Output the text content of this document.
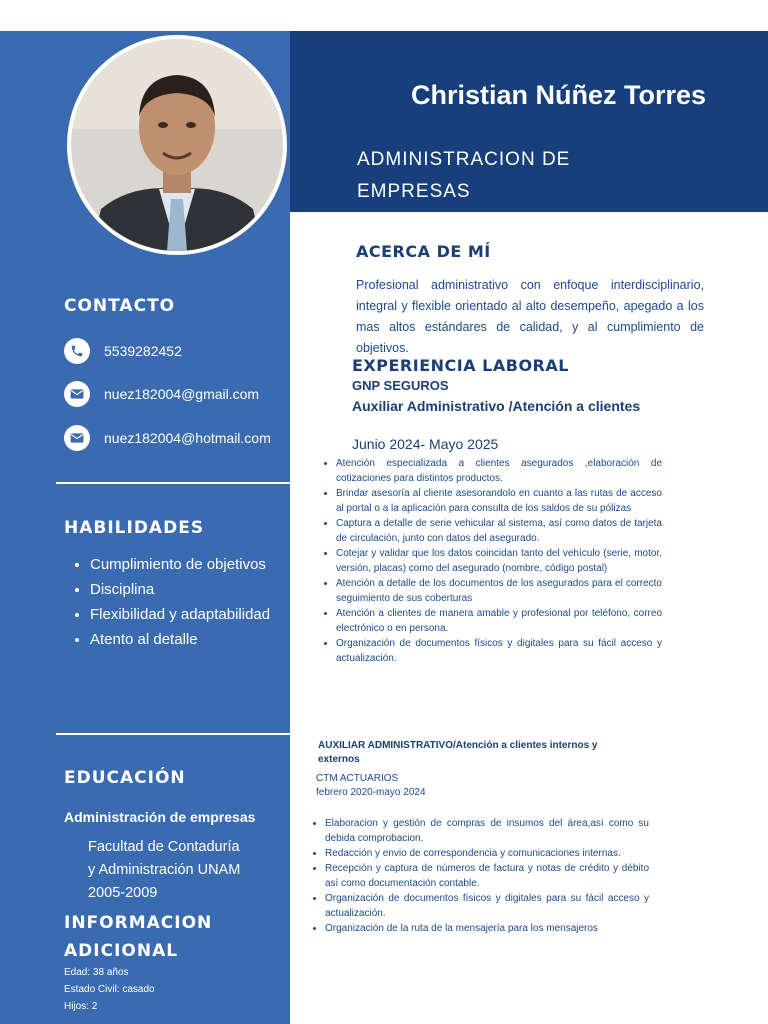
CONTACTO
5539282452
nuez182004@gmail.com
nuez182004@hotmail.com
HABILIDADES
• Cumplimiento de objetivos
• Disciplina
• Flexibilidad y adaptabilidad
• Atento al detalle
EDUCACIÓN
Administración de empresas
Facultad de Contaduría
y Administración UNAM
2005-2009
INFORMACION
ADICIONAL
Edad: 38 años
Estado Civil: casado
Hijos: 2
Christian Núñez Torres
ADMINISTRACION DE EMPRESAS
ACERCA DE MÍ
Profesional administrativo con enfoque interdisciplinario, integral y flexible orientado al alto desempeño, apegado a los mas altos estándares de calidad, y al cumplimiento de objetivos.
EXPERIENCIA LABORAL
GNP SEGUROS
Auxiliar Administrativo /Atención a clientes
Junio 2024- Mayo 2025
• Atención especializada a clientes asegurados ,elaboración de cotizaciones para distintos productos.
• Brindar asesoría al cliente asesorandolo en cuanto a las rutas de acceso al portal o a la aplicación para consulta de los saldos de su pólizas
• Captura a detalle de serie vehicular al sistema, así como datos de tarjeta de circulación, junto con datos del asegurado.
• Cotejar y validar que los datos coincidan tanto del vehículo (serie, motor, versión, placas) como del asegurado (nombre, código postal)
• Atención a detalle de los documentos de los asegurados para el correcto seguimiento de sus coberturas
• Atención a clientes de manera amable y profesional por teléfono, correo electrónico o en persona.
• Organización de documentos físicos y digitales para su fácil acceso y actualización.
AUXILIAR ADMINISTRATIVO/Atención a clientes internos y externos
CTM ACTUARIOS
febrero 2020-mayo 2024
• Elaboracion y gestión de compras de insumos del área,así como su debida comprobacion.
• Redacción y envio de correspondencia y comunicaciones internas.
• Recepción y captura de números de factura y notas de crédito y débito así como documentación contable.
• Organización de documentos físicos y digitales para su fácil acceso y actualización.
• Organización de la ruta de la mensajería para los mensajeros
